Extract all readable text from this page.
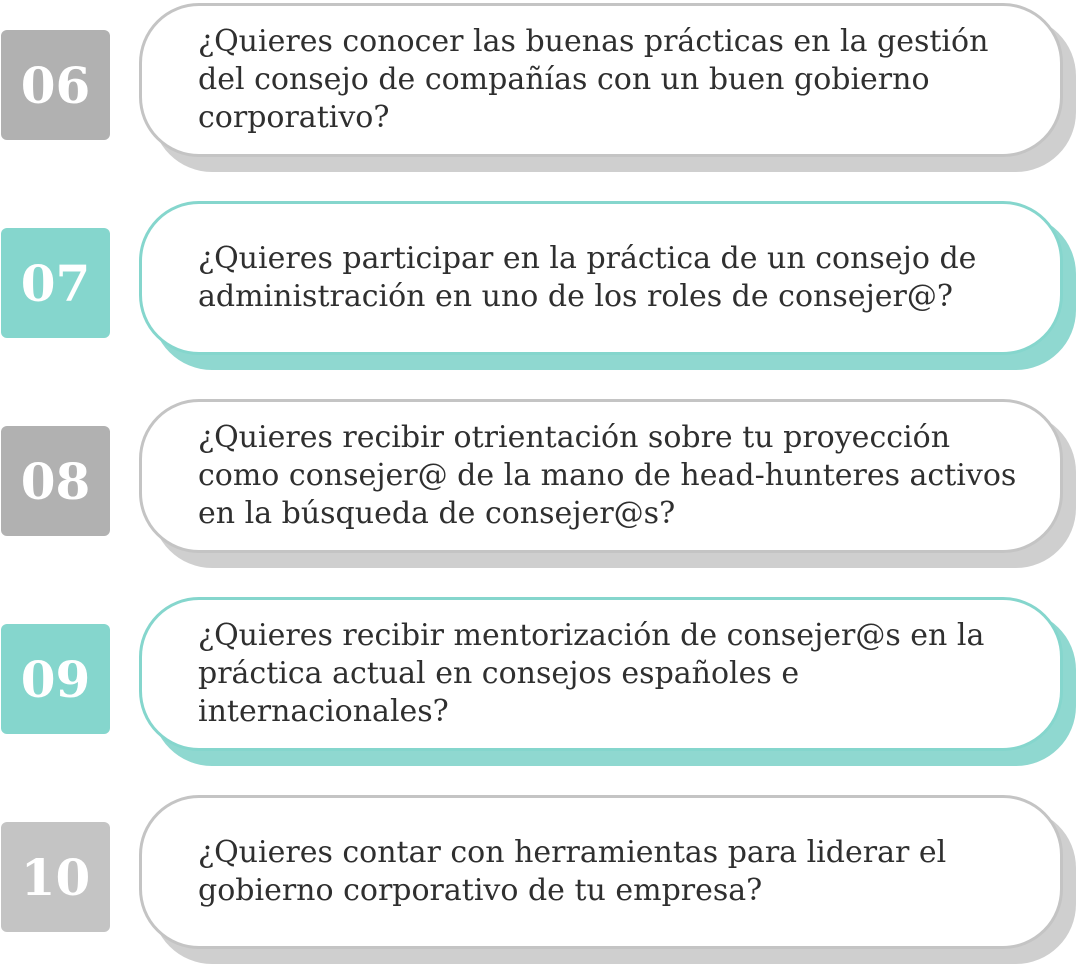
06

¿Quieres conocer las buenas prácticas en la gestión del consejo de compañías con un buen gobierno corporativo?

07	¿Quieres participar en la práctica de un consejo de administración en uno de los roles de consejer@?

08

¿Quieres recibir otrientación sobre tu proyección como consejer@ de la mano de head-hunteres activos en la búsqueda de consejer@s?

09

¿Quieres recibir mentorización de consejer@s en la práctica actual en consejos españoles e internacionales?

10	¿Quieres contar con herramientas para liderar el gobierno corporativo de tu empresa?
